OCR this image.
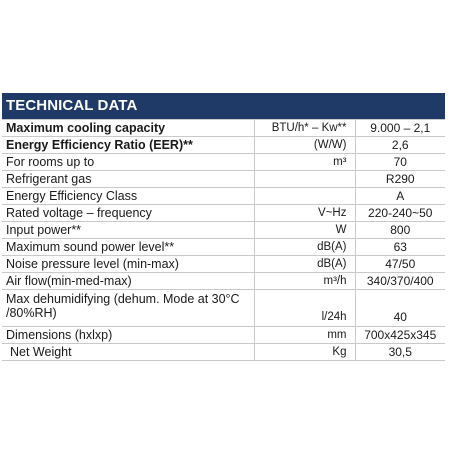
TECHNICAL DATA
Maximum cooling capacity	BTU/h* – Kw**	9.000 – 2,1
Energy Efficiency Ratio (EER)**	(W/W)	2,6
For rooms up to	m³	70
Refrigerant gas		R290
Energy Efficiency Class		A
Rated voltage – frequency	V~Hz	220-240~50
Input power**	W	800
Maximum sound power level**	dB(A)	63
Noise pressure level (min-max)	dB(A)	47/50
Air flow(min-med-max)	m³/h	340/370/400
Max dehumidifying (dehum. Mode at 30°C /80%RH)	l/24h	40
Dimensions (hxlxp)	mm	700x425x345
Net Weight	Kg	30,5
